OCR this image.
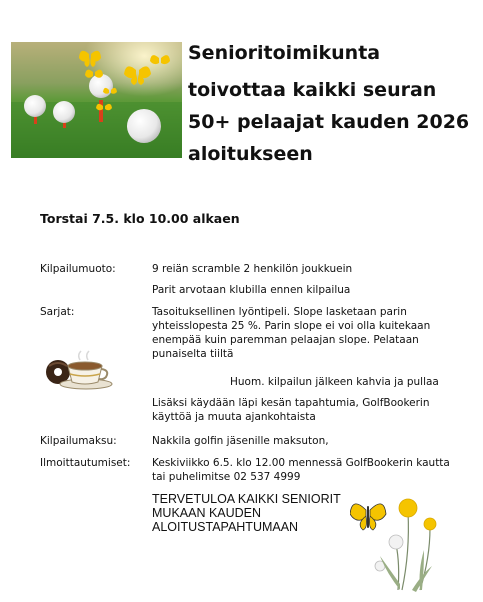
Senioritoimikunta
toivottaa kaikki seuran
50+ pelaajat kauden 2026
aloitukseen
Torstai 7.5. klo 10.00 alkaen
Kilpailumuoto:	9 reiän scramble 2 henkilön joukkuein
Parit arvotaan klubilla ennen kilpailua
Sarjat:	Tasoituksellinen lyöntipeli. Slope lasketaan parin yhteisslopesta 25 %. Parin slope ei voi olla kuitekaan enempää kuin paremman pelaajan slope. Pelataan punaiselta tiiltä
Huom. kilpailun jälkeen kahvia ja pullaa
Lisäksi käydään läpi kesän tapahtumia, GolfBookerin käyttöä ja muuta ajankohtaista
Kilpailumaksu:	Nakkila golfin jäsenille maksuton,
Ilmoittautumiset: Keskiviikko 6.5. klo 12.00 mennessä GolfBookerin kautta tai puhelimitse 02 537 4999
TERVETULOA KAIKKI SENIORIT
MUKAAN KAUDEN
ALOITUSTAPAHTUMAAN
